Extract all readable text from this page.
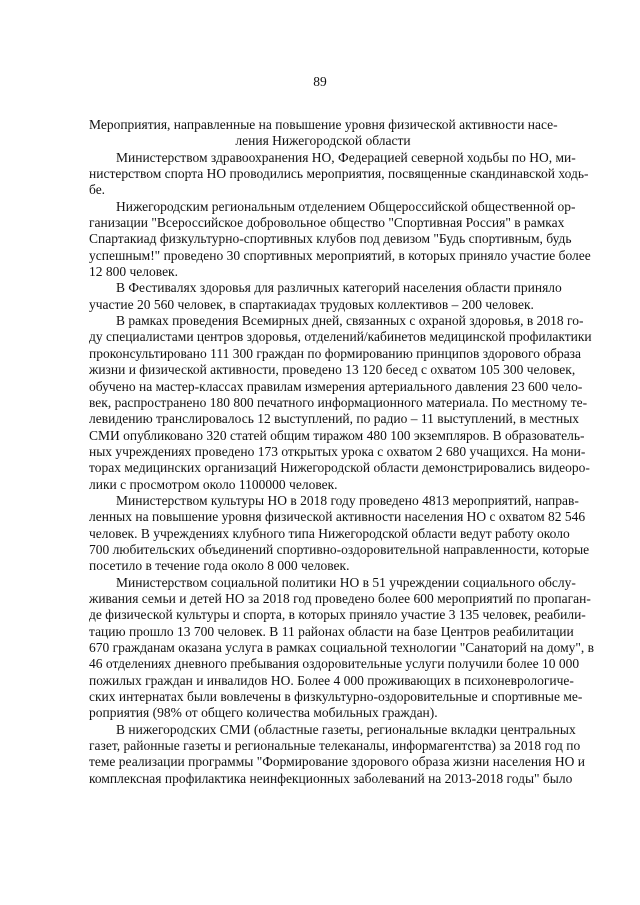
89
Мероприятия, направленные на повышение уровня физической активности насе-
ления Нижегородской области
Министерством здравоохранения НО, Федерацией северной ходьбы по НО, ми-
нистерством спорта НО проводились мероприятия, посвященные скандинавской ходь-
бе.
Нижегородским региональным отделением Общероссийской общественной ор-
ганизации "Всероссийское добровольное общество "Спортивная Россия" в рамках
Спартакиад физкультурно-спортивных клубов под девизом "Будь спортивным, будь
успешным!" проведено 30 спортивных мероприятий, в которых приняло участие более
12 800 человек.
В Фестивалях здоровья для различных категорий населения области приняло
участие 20 560 человек, в спартакиадах трудовых коллективов – 200 человек.
В рамках проведения Всемирных дней, связанных с охраной здоровья, в 2018 го-
ду специалистами центров здоровья, отделений/кабинетов медицинской профилактики
проконсультировано 111 300 граждан по формированию принципов здорового образа
жизни и физической активности, проведено 13 120 бесед с охватом 105 300 человек,
обучено на мастер-классах правилам измерения артериального давления 23 600 чело-
век, распространено 180 800 печатного информационного материала. По местному те-
левидению транслировалось 12 выступлений, по радио – 11 выступлений, в местных
СМИ опубликовано 320 статей общим тиражом 480 100 экземпляров. В образователь-
ных учреждениях проведено 173 открытых урока с охватом 2 680 учащихся. На мони-
торах медицинских организаций Нижегородской области демонстрировались видеоро-
лики с просмотром около 1100000 человек.
Министерством культуры НО в 2018 году проведено 4813 мероприятий, направ-
ленных на повышение уровня физической активности населения НО с охватом 82 546
человек. В учреждениях клубного типа Нижегородской области ведут работу около
700 любительских объединений спортивно-оздоровительной направленности, которые
посетило в течение года около 8 000 человек.
Министерством социальной политики НО в 51 учреждении социального обслу-
живания семьи и детей НО за 2018 год проведено более 600 мероприятий по пропаган-
де физической культуры и спорта, в которых приняло участие 3 135 человек, реабили-
тацию прошло 13 700 человек. В 11 районах области на базе Центров реабилитации
670 гражданам оказана услуга в рамках социальной технологии "Санаторий на дому", в
46 отделениях дневного пребывания оздоровительные услуги получили более 10 000
пожилых граждан и инвалидов НО. Более 4 000 проживающих в психоневрологиче-
ских интернатах были вовлечены в физкультурно-оздоровительные и спортивные ме-
роприятия (98% от общего количества мобильных граждан).
В нижегородских СМИ (областные газеты, региональные вкладки центральных
газет, районные газеты и региональные телеканалы, информагентства) за 2018 год по
теме реализации программы "Формирование здорового образа жизни населения НО и
комплексная профилактика неинфекционных заболеваний на 2013-2018 годы" было
